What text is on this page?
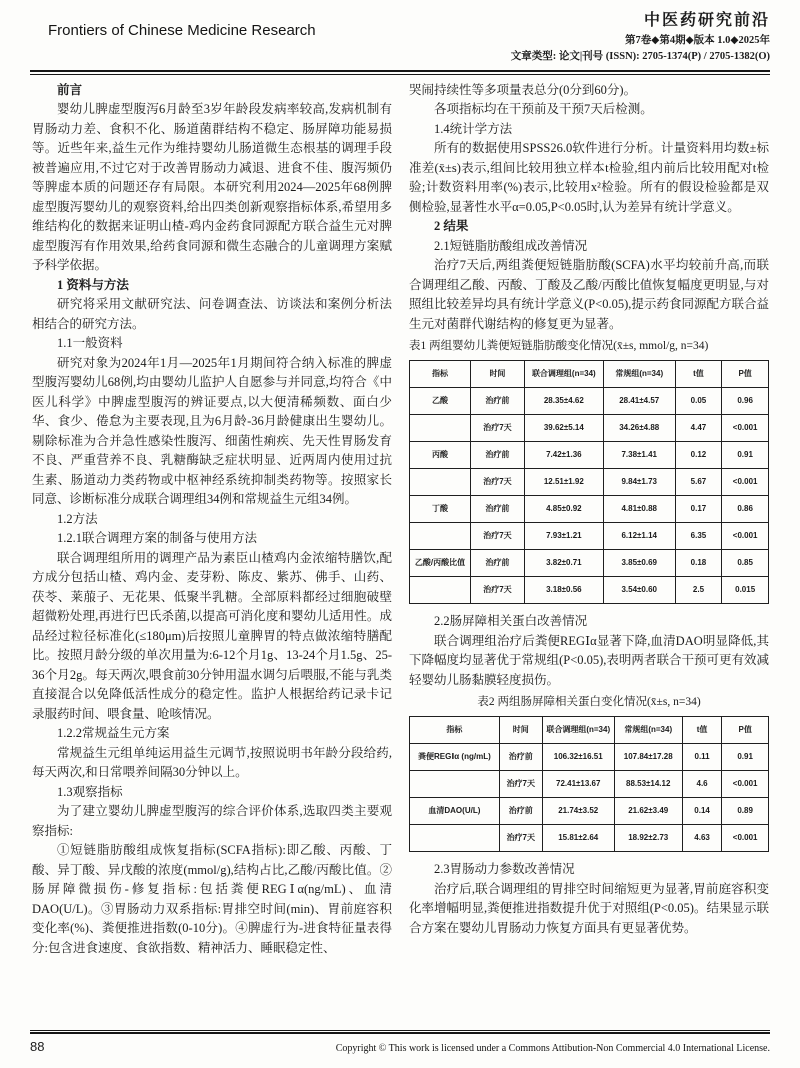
Frontiers of Chinese Medicine Research
中医药研究前沿
第7卷◆第4期◆版本 1.0◆2025年
文章类型: 论文|刊号 (ISSN): 2705-1374(P) / 2705-1382(O)
前言

婴幼儿脾虚型腹泻6月龄至3岁年龄段发病率较高,发病机制有胃肠动力差、食积不化、肠道菌群结构不稳定、肠屏障功能易损等。近些年来,益生元作为维持婴幼儿肠道微生态根基的调理手段被普遍应用,不过它对于改善胃肠动力减退、进食不佳、腹泻频仍等脾虚本质的问题还存有局限。本研究利用2024—2025年68例脾虚型腹泻婴幼儿的观察资料,给出四类创新观察指标体系,希望用多维结构化的数据来证明山楂-鸡内金药食同源配方联合益生元对脾虚型腹泻有作用效果,给药食同源和微生态融合的儿童调理方案赋予科学依据。

1 资料与方法

研究将采用文献研究法、问卷调查法、访谈法和案例分析法相结合的研究方法。

1.1一般资料

研究对象为2024年1月—2025年1月期间符合纳入标准的脾虚型腹泻婴幼儿68例,均由婴幼儿监护人自愿参与并同意,均符合《中医儿科学》中脾虚型腹泻的辨证要点,以大便清稀频数、面白少华、食少、倦怠为主要表现,且为6月龄-36月龄健康出生婴幼儿。剔除标准为合并急性感染性腹泻、细菌性痢疾、先天性胃肠发育不良、严重营养不良、乳糖酶缺乏症状明显、近两周内使用过抗生素、肠道动力类药物或中枢神经系统抑制类药物等。按照家长同意、诊断标准分成联合调理组34例和常规益生元组34例。

1.2方法
1.2.1联合调理方案的制备与使用方法

联合调理组所用的调理产品为素臣山楂鸡内金浓缩特膳饮,配方成分包括山楂、鸡内金、麦芽粉、陈皮、紫苏、佛手、山药、茯苓、莱菔子、无花果、低聚半乳糖。全部原料都经过细胞破壁超微粉处理,再进行巴氏杀菌,以提高可消化度和婴幼儿适用性。成品经过粒径标准化(≤180μm)后按照儿童脾胃的特点做浓缩特膳配比。按照月龄分级的单次用量为:6-12个月1g、13-24个月1.5g、25-36个月2g。每天两次,喂食前30分钟用温水调匀后喂服,不能与乳类直接混合以免降低活性成分的稳定性。监护人根据给药记录卡记录服药时间、喂食量、呛咳情况。

1.2.2常规益生元方案

常规益生元组单纯运用益生元调节,按照说明书年龄分段给药,每天两次,和日常喂养间隔30分钟以上。

1.3观察指标

为了建立婴幼儿脾虚型腹泻的综合评价体系,选取四类主要观察指标:

①短链脂肪酸组成恢复指标(SCFA指标):即乙酸、丙酸、丁酸、异丁酸、异戊酸的浓度(mmol/g),结构占比,乙酸/丙酸比值。②肠屏障微损伤-修复指标:包括粪便REGⅠα(ng/mL)、血清DAO(U/L)。③胃肠动力双系指标:胃排空时间(min)、胃前庭容积变化率(%)、粪便推进指数(0-10分)。④脾虚行为-进食特征量表得分:包含进食速度、食欲指数、精神活力、睡眠稳定性、

哭闹持续性等多项量表总分(0分到60分)。

各项指标均在干预前及干预7天后检测。

1.4统计学方法

所有的数据使用SPSS26.0软件进行分析。计量资料用均数±标准差(x̄±s)表示,组间比较用独立样本t检验,组内前后比较用配对t检验;计数资料用率(%)表示,比较用x²检验。所有的假设检验都是双侧检验,显著性水平α=0.05,P<0.05时,认为差异有统计学意义。

2 结果
2.1短链脂肪酸组成改善情况

治疗7天后,两组粪便短链脂肪酸(SCFA)水平均较前升高,而联合调理组乙酸、丙酸、丁酸及乙酸/丙酸比值恢复幅度更明显,与对照组比较差异均具有统计学意义(P<0.05),提示药食同源配方联合益生元对菌群代谢结构的修复更为显著。

表1 两组婴幼儿粪便短链脂肪酸变化情况(x̄±s, mmol/g, n=34)
指标	时间	联合调理组(n=34)	常规组(n=34)	t值	P值
乙酸	治疗前	28.35±4.62	28.41±4.57	0.05	0.96
	治疗7天	39.62±5.14	34.26±4.88	4.47	<0.001
丙酸	治疗前	7.42±1.36	7.38±1.41	0.12	0.91
	治疗7天	12.51±1.92	9.84±1.73	5.67	<0.001
丁酸	治疗前	4.85±0.92	4.81±0.88	0.17	0.86
	治疗7天	7.93±1.21	6.12±1.14	6.35	<0.001
乙酸/丙酸比值	治疗前	3.82±0.71	3.85±0.69	0.18	0.85
	治疗7天	3.18±0.56	3.54±0.60	2.5	0.015
2.2肠屏障相关蛋白改善情况

联合调理组治疗后粪便REGⅠα显著下降,血清DAO明显降低,其下降幅度均显著优于常规组(P<0.05),表明两者联合干预可更有效减轻婴幼儿肠黏膜轻度损伤。

表2 两组肠屏障相关蛋白变化情况(x̄±s, n=34)
指标	时间	联合调理组(n=34)	常规组(n=34)	t值	P值
粪便REGⅠα (ng/mL)	治疗前	106.32±16.51	107.84±17.28	0.11	0.91
	治疗7天	72.41±13.67	88.53±14.12	4.6	<0.001
血清DAO(U/L)	治疗前	21.74±3.52	21.62±3.49	0.14	0.89
	治疗7天	15.81±2.64	18.92±2.73	4.63	<0.001
2.3胃肠动力参数改善情况

治疗后,联合调理组的胃排空时间缩短更为显著,胃前庭容积变化率增幅明显,粪便推进指数提升优于对照组(P<0.05)。结果显示联合方案在婴幼儿胃肠动力恢复方面具有更显著优势。

88	Copyright © This work is licensed under a Commons Attibution-Non Commercial 4.0 International License.
